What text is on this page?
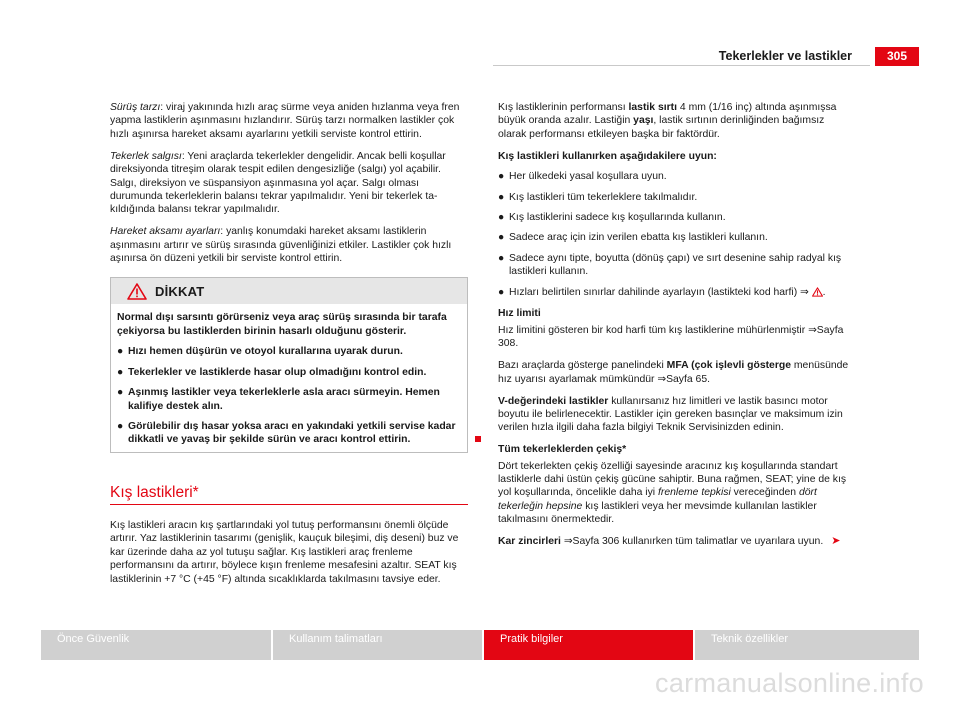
Tekerlekler ve lastikler	305

Sürüş tarzı: viraj yakınında hızlı araç sürme veya aniden hızlanma veya fren yapma lastiklerin aşınmasını hızlandırır. Sürüş tarzı normalken lastikler çok hızlı aşınırsa hareket aksamı ayarlarını yetkili serviste kontrol ettirin.

Tekerlek salgısı: Yeni araçlarda tekerlekler dengelidir. Ancak belli koşullar direksiyonda titreşim olarak tespit edilen dengesizliğe (salgı) yol açabilir. Salgı, direksiyon ve süspansiyon aşınmasına yol açar. Salgı olması durumunda tekerleklerin balansı tekrar yapılmalıdır. Yeni bir tekerlek takıldığında balansı tekrar yapılmalıdır.

Hareket aksamı ayarları: yanlış konumdaki hareket aksamı lastiklerin aşınmasını artırır ve sürüş sırasında güvenliğinizi etkiler. Lastikler çok hızlı aşınırsa ön düzeni yetkili bir serviste kontrol ettirin.

DİKKAT

Normal dışı sarsıntı görürseniz veya araç sürüş sırasında bir tarafa çekiyorsa bu lastiklerden birinin hasarlı olduğunu gösterir.

● Hızı hemen düşürün ve otoyol kurallarına uyarak durun.

● Tekerlekler ve lastiklerde hasar olup olmadığını kontrol edin.

● Aşınmış lastikler veya tekerleklerle asla aracı sürmeyin. Hemen kalifiye destek alın.

● Görülebilir dış hasar yoksa aracı en yakındaki yetkili servise kadar dikkatli ve yavaş bir şekilde sürün ve aracı kontrol ettirin.

Kış lastikleri*

Kış lastikleri aracın kış şartlarındaki yol tutuş performansını önemli ölçüde artırır. Yaz lastiklerinin tasarımı (genişlik, kauçuk bileşimi, diş deseni) buz ve kar üzerinde daha az yol tutuşu sağlar. Kış lastikleri araç frenleme performansını da artırır, böylece kışın frenleme mesafesini azaltır. SEAT kış lastiklerinin +7 °C (+45 °F) altında sıcaklıklarda takılmasını tavsiye eder.

Kış lastiklerinin performansı lastik sırtı 4 mm (1/16 inç) altında aşınmışsa büyük oranda azalır. Lastiğin yaşı, lastik sırtının derinliğinden bağımsız olarak performansı etkileyen başka bir faktördür.

Kış lastikleri kullanırken aşağıdakilere uyun:

● Her ülkedeki yasal koşullara uyun.

● Kış lastikleri tüm tekerleklere takılmalıdır.

● Kış lastiklerini sadece kış koşullarında kullanın.

● Sadece araç için izin verilen ebatta kış lastikleri kullanın.

● Sadece aynı tipte, boyutta (dönüş çapı) ve sırt desenine sahip radyal kış lastikleri kullanın.

● Hızları belirtilen sınırlar dahilinde ayarlayın (lastikteki kod harfi) ⇒ .

Hız limiti

Hız limitini gösteren bir kod harfi tüm kış lastiklerine mühürlenmiştir ⇒Sayfa 308.

Bazı araçlarda gösterge panelindeki MFA (çok işlevli gösterge menüsünde hız uyarısı ayarlamak mümkündür ⇒Sayfa 65.

V-değerindeki lastikler kullanırsanız hız limitleri ve lastik basıncı motor boyutu ile belirlenecektir. Lastikler için gereken basınçlar ve maksimum izin verilen hızla ilgili daha fazla bilgiyi Teknik Servisinizden edinin.

Tüm tekerleklerden çekiş*

Dört tekerlekten çekiş özelliği sayesinde aracınız kış koşullarında standart lastiklerle dahi üstün çekiş gücüne sahiptir. Buna rağmen, SEAT; yine de kış yol koşullarında, öncelikle daha iyi frenleme tepkisi vereceğinden dört tekerleğin hepsine kış lastikleri veya her mevsimde kullanılan lastikler takılmasını önermektedir.

Kar zincirleri ⇒Sayfa 306 kullanırken tüm talimatlar ve uyarılara uyun. ➤

Önce Güvenlik	Kullanım talimatları	Pratik bilgiler	Teknik özellikler
carmanualsonline.info
